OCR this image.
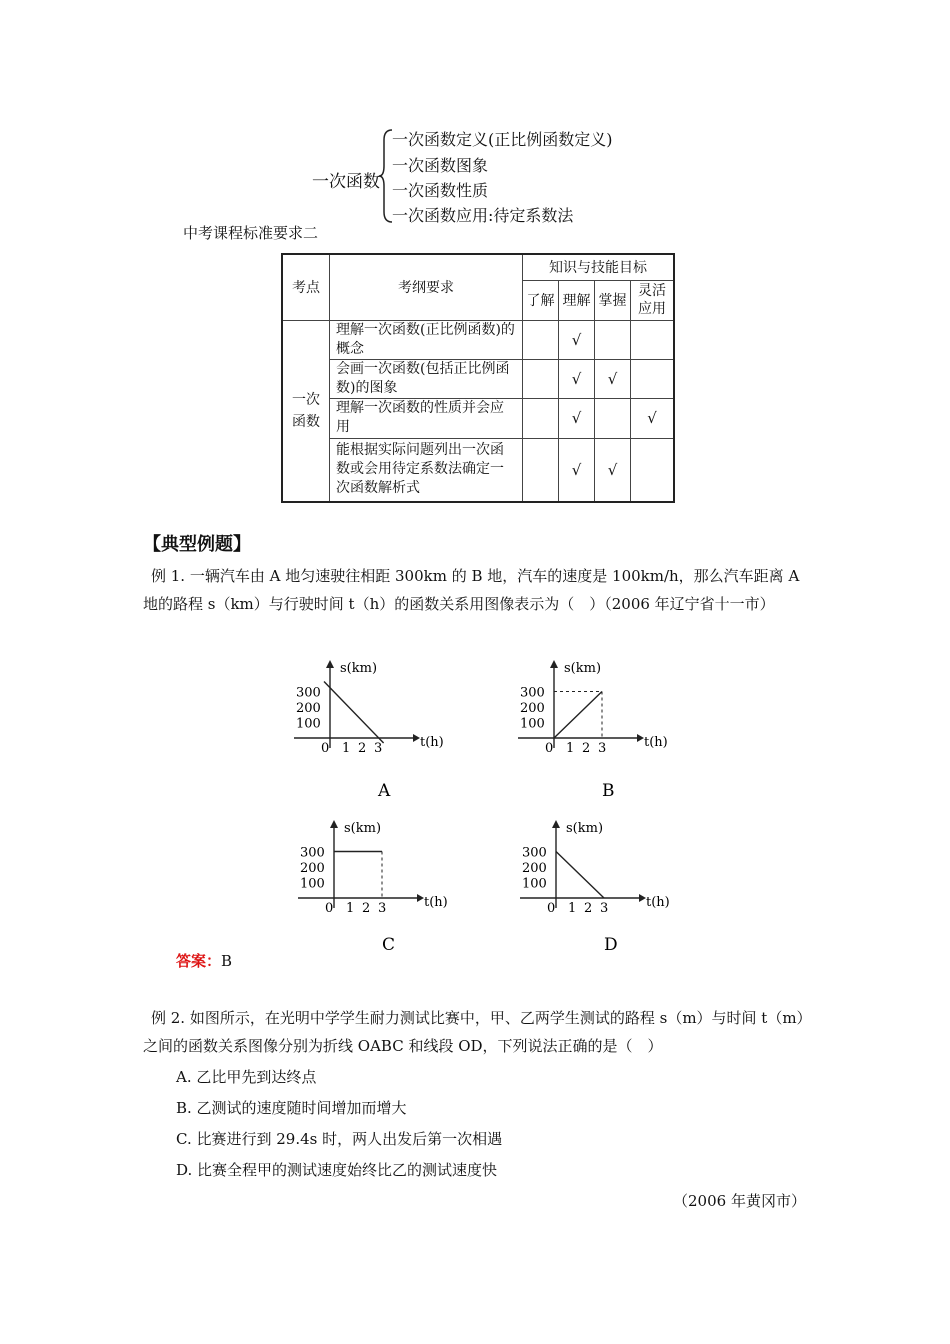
一次函数
一次函数定义(正比例函数定义)
一次函数图象
一次函数性质
一次函数应用:待定系数法
中考课程标准要求二
考点	考纲要求	知识与技能目标			
		了解	理解	掌握	灵活应用
一次函数	理解一次函数(正比例函数)的概念		√		
	会画一次函数(包括正比例函数)的图象		√	√	
	理解一次函数的性质并会应用		√		√
	能根据实际问题列出一次函数或会用待定系数法确定一次函数解析式		√	√	
【典型例题】
例 1. 一辆汽车由 A 地匀速驶往相距 300km 的 B 地，汽车的速度是 100km/h，那么汽车距离 A 地的路程 s（km）与行驶时间 t（h）的函数关系用图像表示为（　）（2006 年辽宁省十一市）
s(km)
t(h)
0
300
200
100
1 2 3
A
s(km)
t(h)
0
300
200
100
1 2 3
B
s(km)
t(h)
0
300
200
100
1 2 3
C
s(km)
t(h)
0
300
200
100
1 2 3
D
答案：B
例 2. 如图所示，在光明中学学生耐力测试比赛中，甲、乙两学生测试的路程 s（m）与时间 t（m）之间的函数关系图像分别为折线 OABC 和线段 OD，下列说法正确的是（　）
A. 乙比甲先到达终点
B. 乙测试的速度随时间增加而增大
C. 比赛进行到 29.4s 时，两人出发后第一次相遇
D. 比赛全程甲的测试速度始终比乙的测试速度快
（2006 年黄冈市）
